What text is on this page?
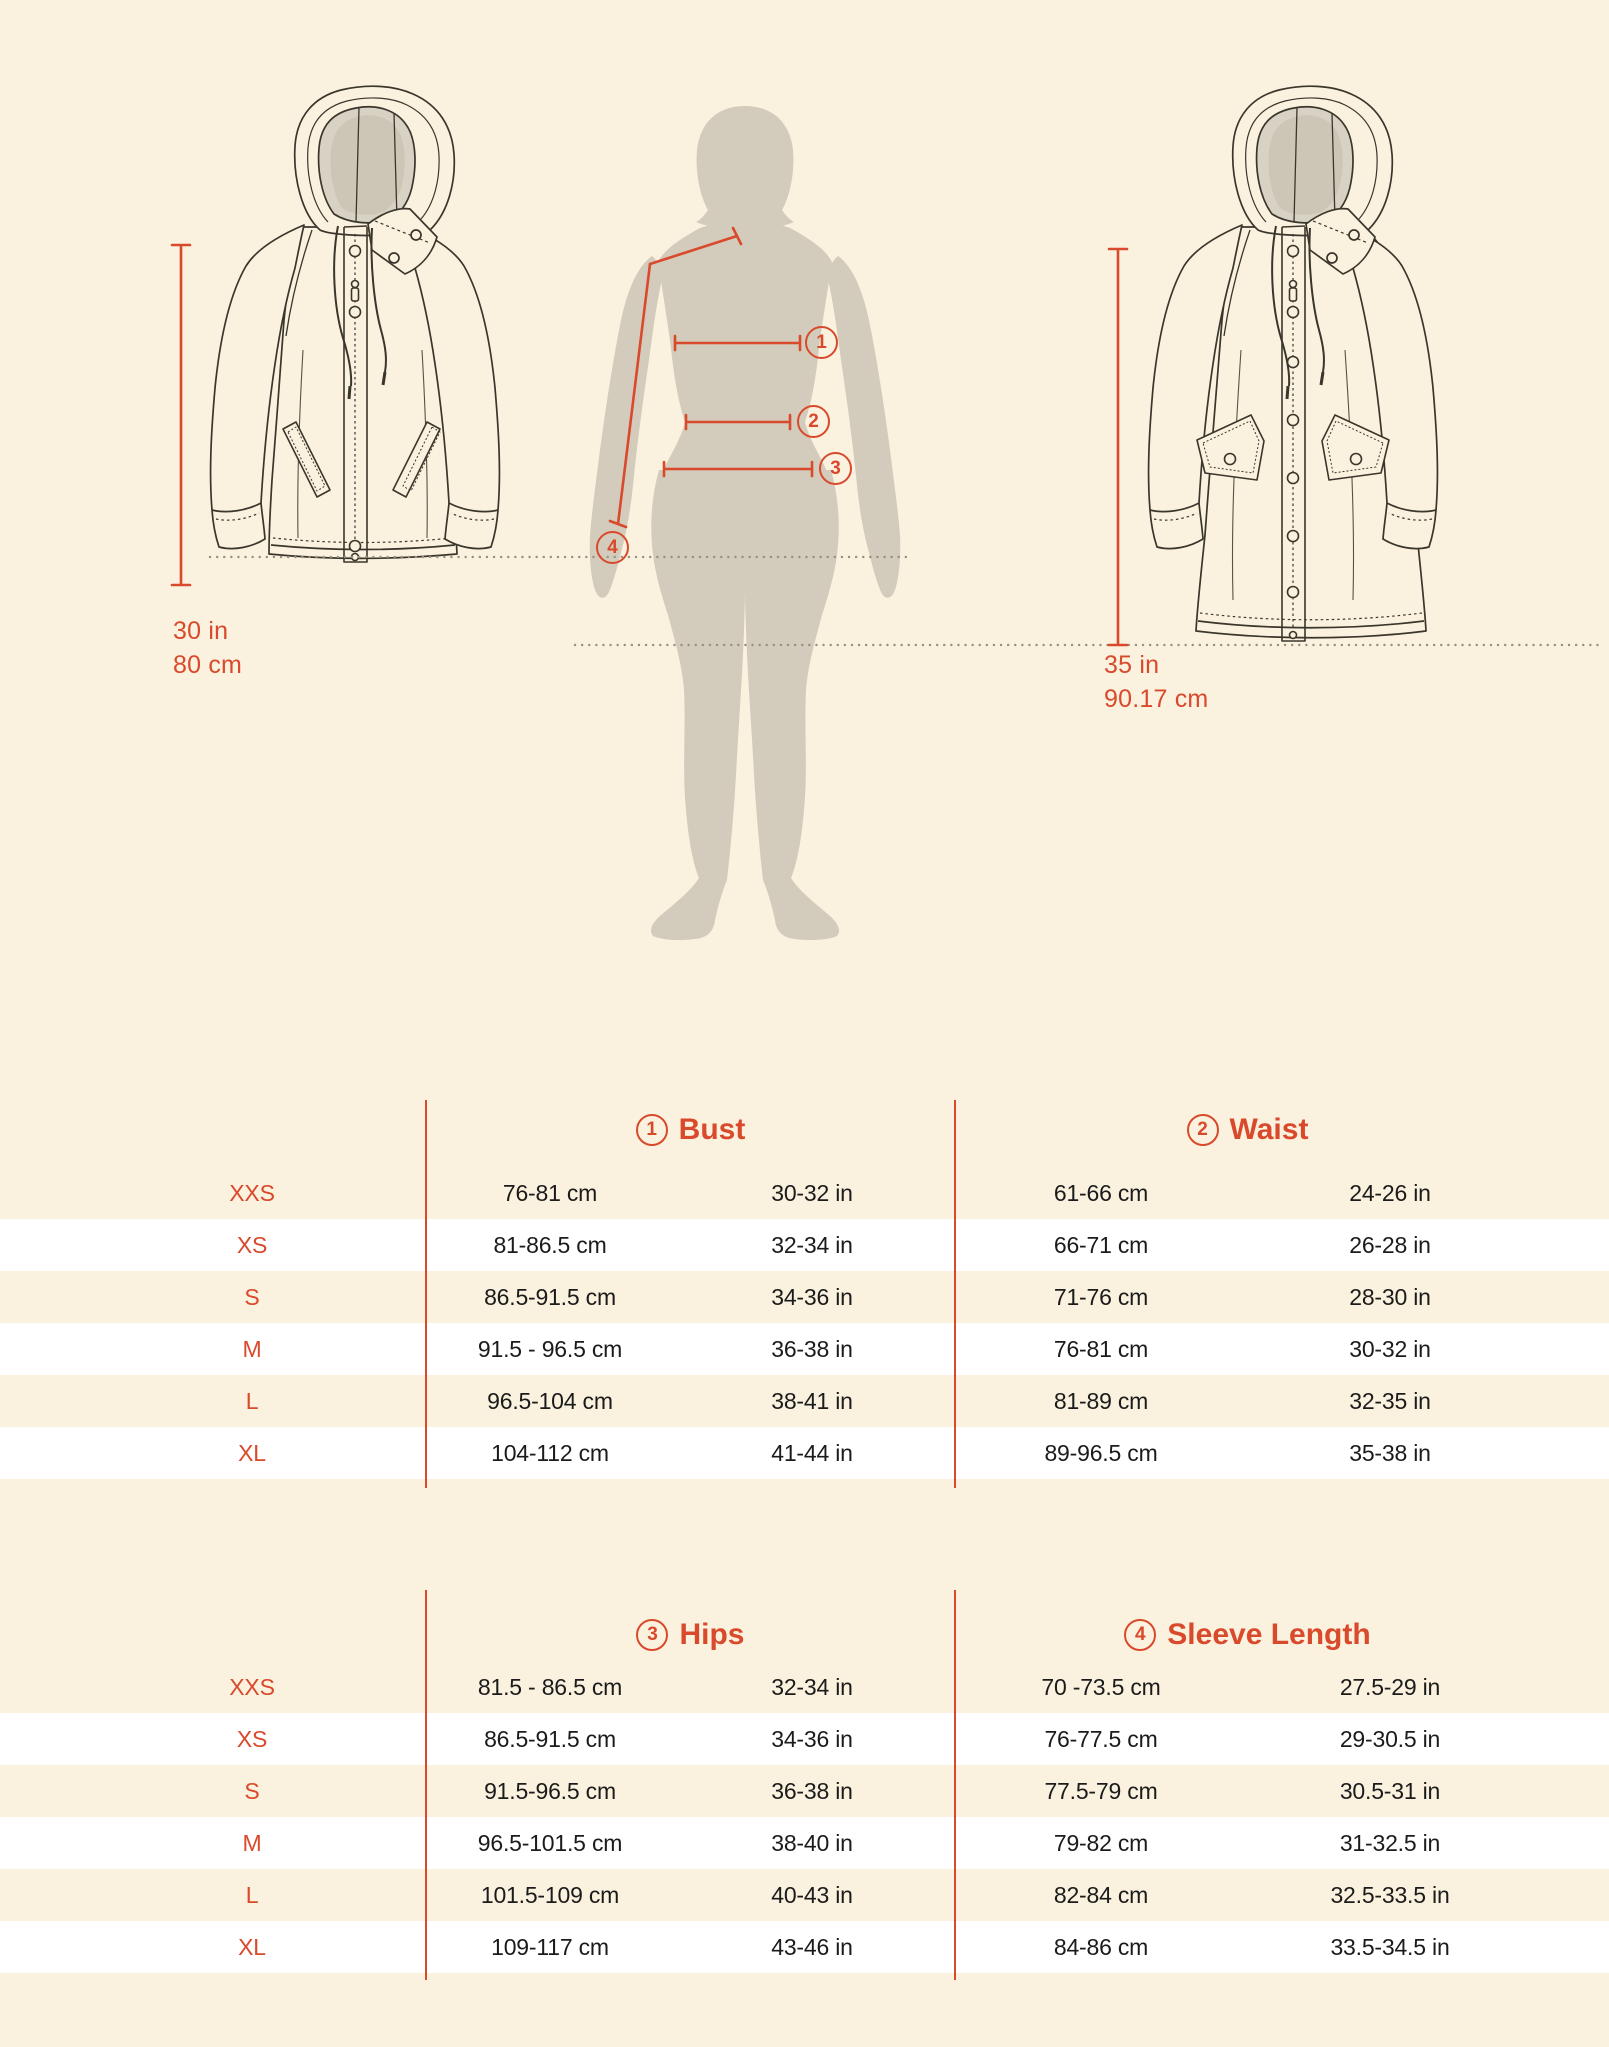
30 in
80 cm	35 in
90.17 cm
1
2
3
4
1 Bust	2 Waist
XXS	76-81 cm	30-32 in	61-66 cm	24-26 in
XS	81-86.5 cm	32-34 in	66-71 cm	26-28 in
S	86.5-91.5 cm	34-36 in	71-76 cm	28-30 in
M	91.5 - 96.5 cm	36-38 in	76-81 cm	30-32 in
L	96.5-104 cm	38-41 in	81-89 cm	32-35 in
XL	104-112 cm	41-44 in	89-96.5 cm	35-38 in
3 Hips	4 Sleeve Length
XXS	81.5 - 86.5 cm	32-34 in	70 -73.5 cm	27.5-29 in
XS	86.5-91.5 cm	34-36 in	76-77.5 cm	29-30.5 in
S	91.5-96.5 cm	36-38 in	77.5-79 cm	30.5-31 in
M	96.5-101.5 cm	38-40 in	79-82 cm	31-32.5 in
L	101.5-109 cm	40-43 in	82-84 cm	32.5-33.5 in
XL	109-117 cm	43-46 in	84-86 cm	33.5-34.5 in
